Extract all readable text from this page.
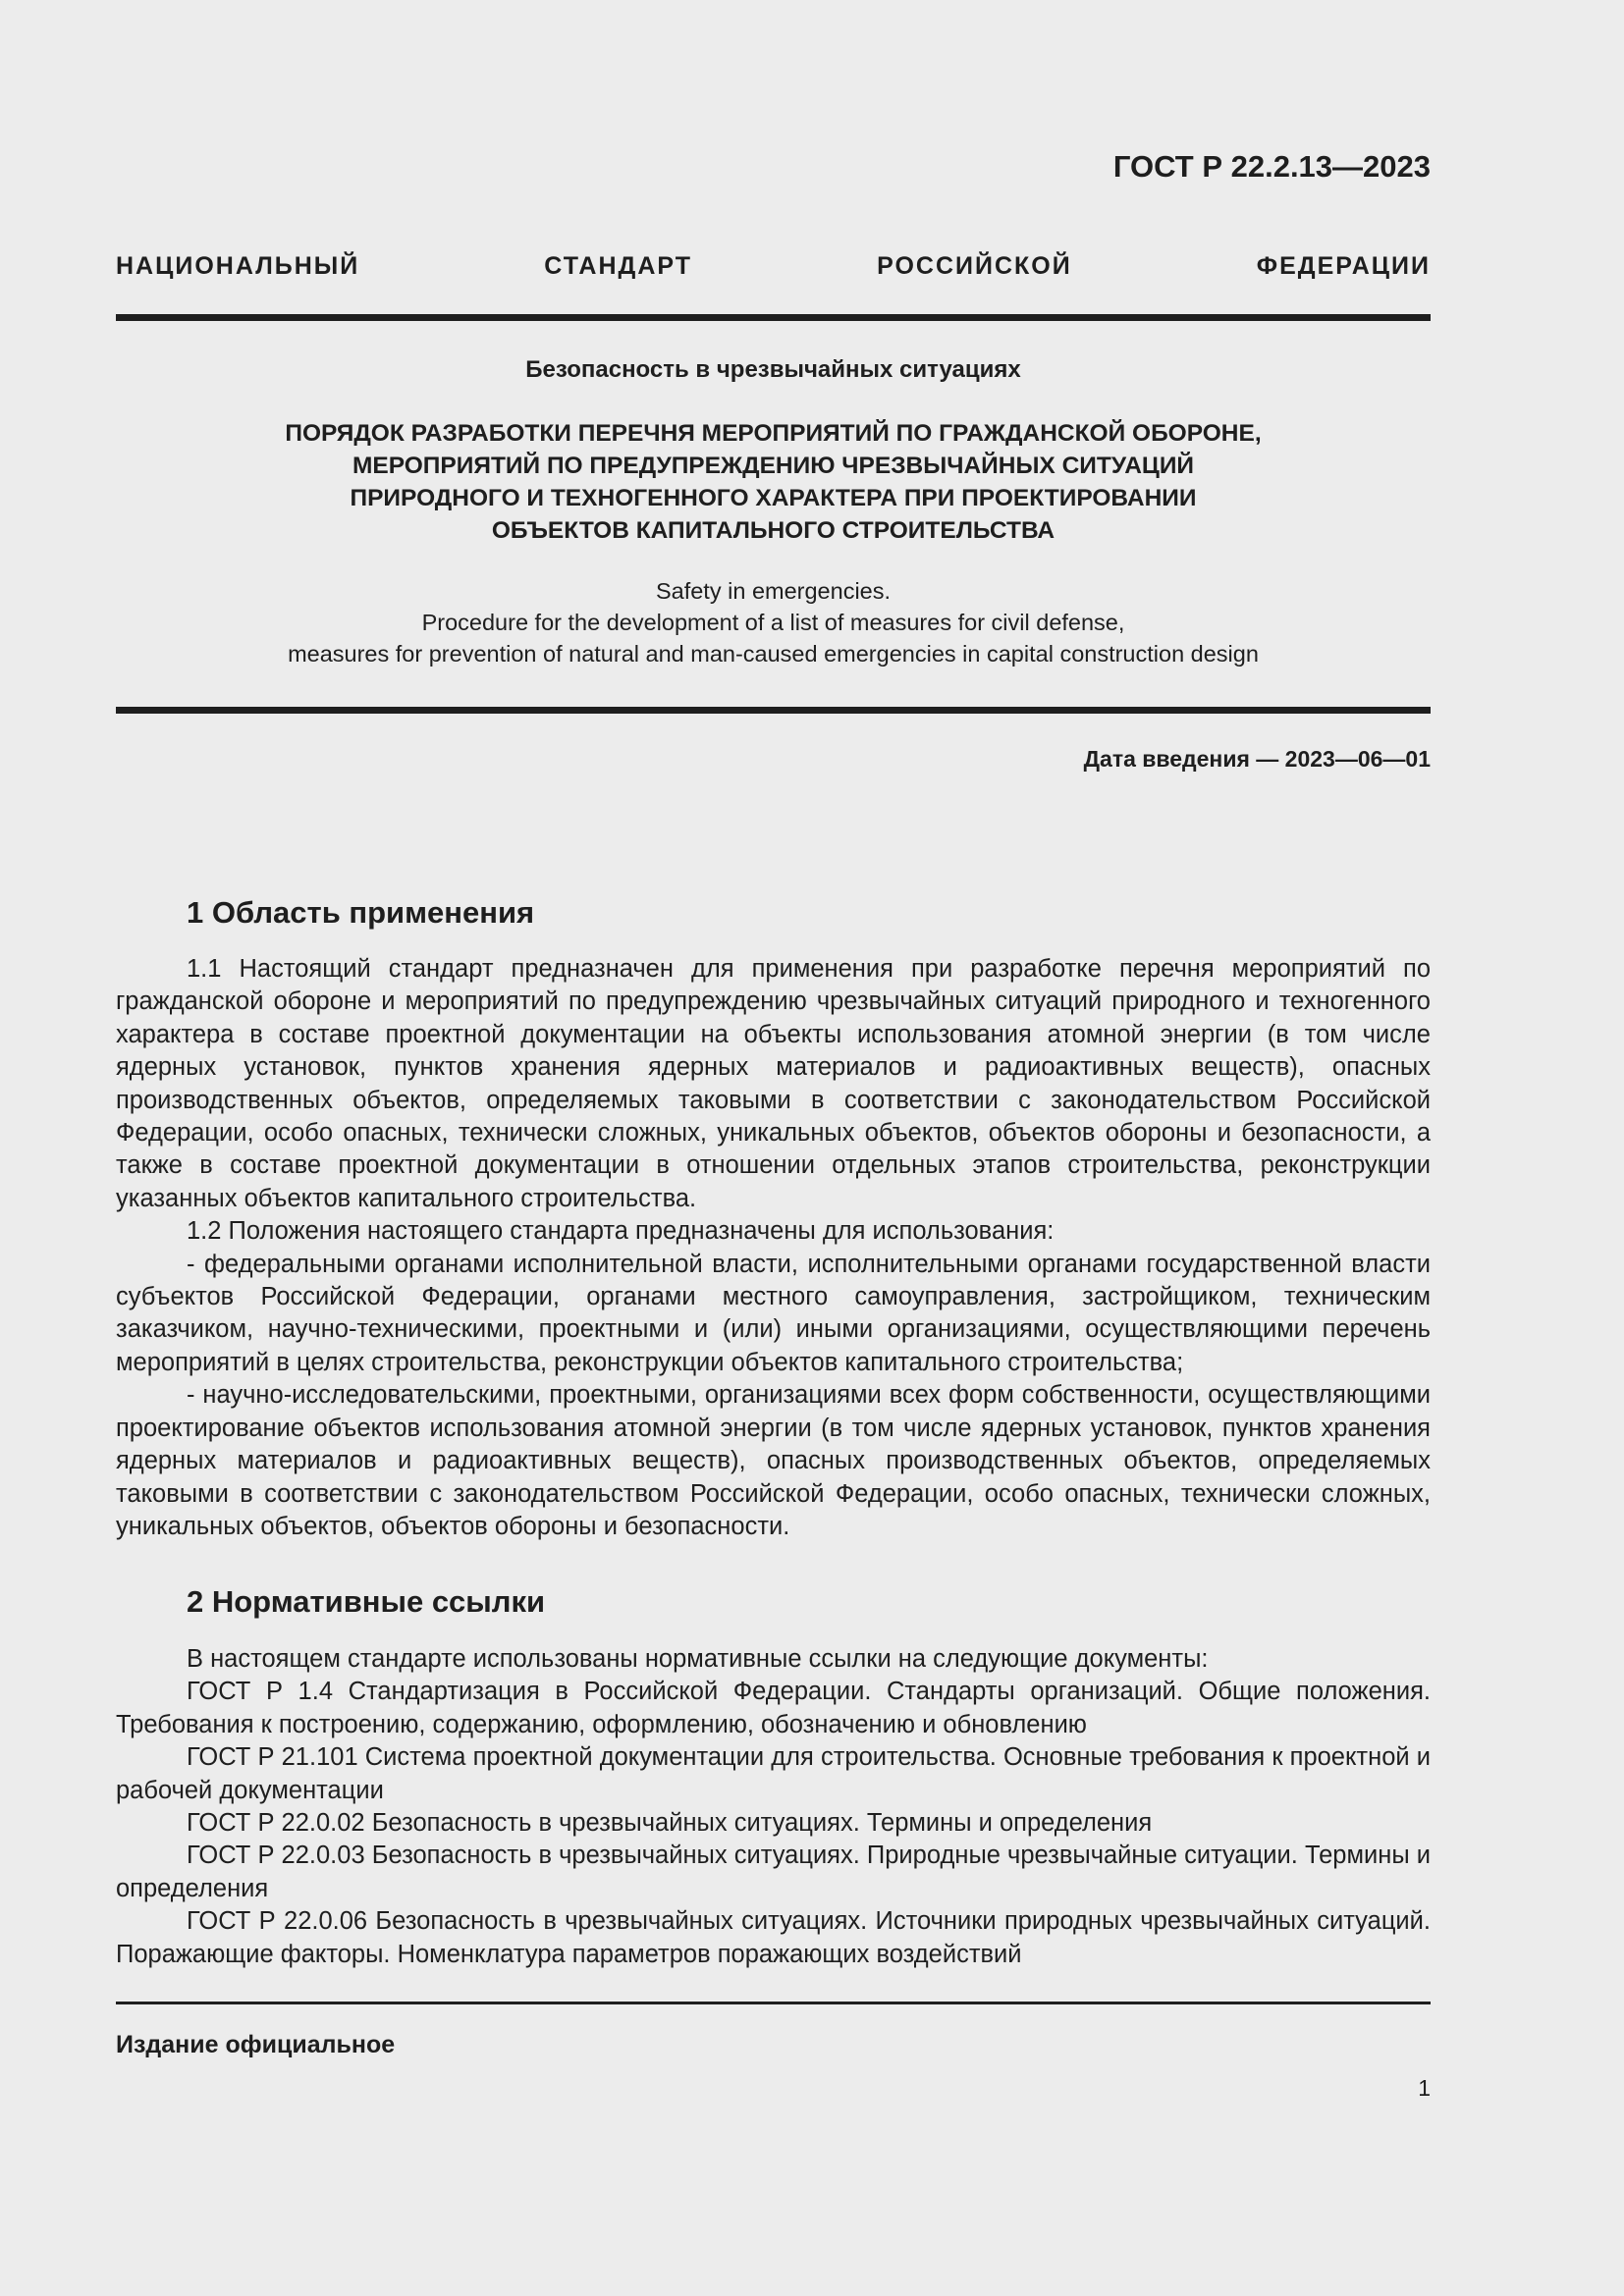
ГОСТ Р 22.2.13—2023
НАЦИОНАЛЬНЫЙ СТАНДАРТ РОССИЙСКОЙ ФЕДЕРАЦИИ
Безопасность в чрезвычайных ситуациях
ПОРЯДОК РАЗРАБОТКИ ПЕРЕЧНЯ МЕРОПРИЯТИЙ ПО ГРАЖДАНСКОЙ ОБОРОНЕ,
МЕРОПРИЯТИЙ ПО ПРЕДУПРЕЖДЕНИЮ ЧРЕЗВЫЧАЙНЫХ СИТУАЦИЙ
ПРИРОДНОГО И ТЕХНОГЕННОГО ХАРАКТЕРА ПРИ ПРОЕКТИРОВАНИИ
ОБЪЕКТОВ КАПИТАЛЬНОГО СТРОИТЕЛЬСТВА
Safety in emergencies.
Procedure for the development of a list of measures for civil defense,
measures for prevention of natural and man-caused emergencies in capital construction design
Дата введения — 2023—06—01
1 Область применения

1.1 Настоящий стандарт предназначен для применения при разработке перечня мероприятий по гражданской обороне и мероприятий по предупреждению чрезвычайных ситуаций природного и техногенного характера в составе проектной документации на объекты использования атомной энергии (в том числе ядерных установок, пунктов хранения ядерных материалов и радиоактивных веществ), опасных производственных объектов, определяемых таковыми в соответствии с законодательством Российской Федерации, особо опасных, технически сложных, уникальных объектов, объектов обороны и безопасности, а также в составе проектной документации в отношении отдельных этапов строительства, реконструкции указанных объектов капитального строительства.

1.2 Положения настоящего стандарта предназначены для использования:

- федеральными органами исполнительной власти, исполнительными органами государственной власти субъектов Российской Федерации, органами местного самоуправления, застройщиком, техническим заказчиком, научно-техническими, проектными и (или) иными организациями, осуществляющими перечень мероприятий в целях строительства, реконструкции объектов капитального строительства;

- научно-исследовательскими, проектными, организациями всех форм собственности, осуществляющими проектирование объектов использования атомной энергии (в том числе ядерных установок, пунктов хранения ядерных материалов и радиоактивных веществ), опасных производственных объектов, определяемых таковыми в соответствии с законодательством Российской Федерации, особо опасных, технически сложных, уникальных объектов, объектов обороны и безопасности.

2 Нормативные ссылки

В настоящем стандарте использованы нормативные ссылки на следующие документы:

ГОСТ Р 1.4 Стандартизация в Российской Федерации. Стандарты организаций. Общие положения. Требования к построению, содержанию, оформлению, обозначению и обновлению

ГОСТ Р 21.101 Система проектной документации для строительства. Основные требования к проектной и рабочей документации

ГОСТ Р 22.0.02 Безопасность в чрезвычайных ситуациях. Термины и определения

ГОСТ Р 22.0.03 Безопасность в чрезвычайных ситуациях. Природные чрезвычайные ситуации. Термины и определения

ГОСТ Р 22.0.06 Безопасность в чрезвычайных ситуациях. Источники природных чрезвычайных ситуаций. Поражающие факторы. Номенклатура параметров поражающих воздействий

Издание официальное
1
